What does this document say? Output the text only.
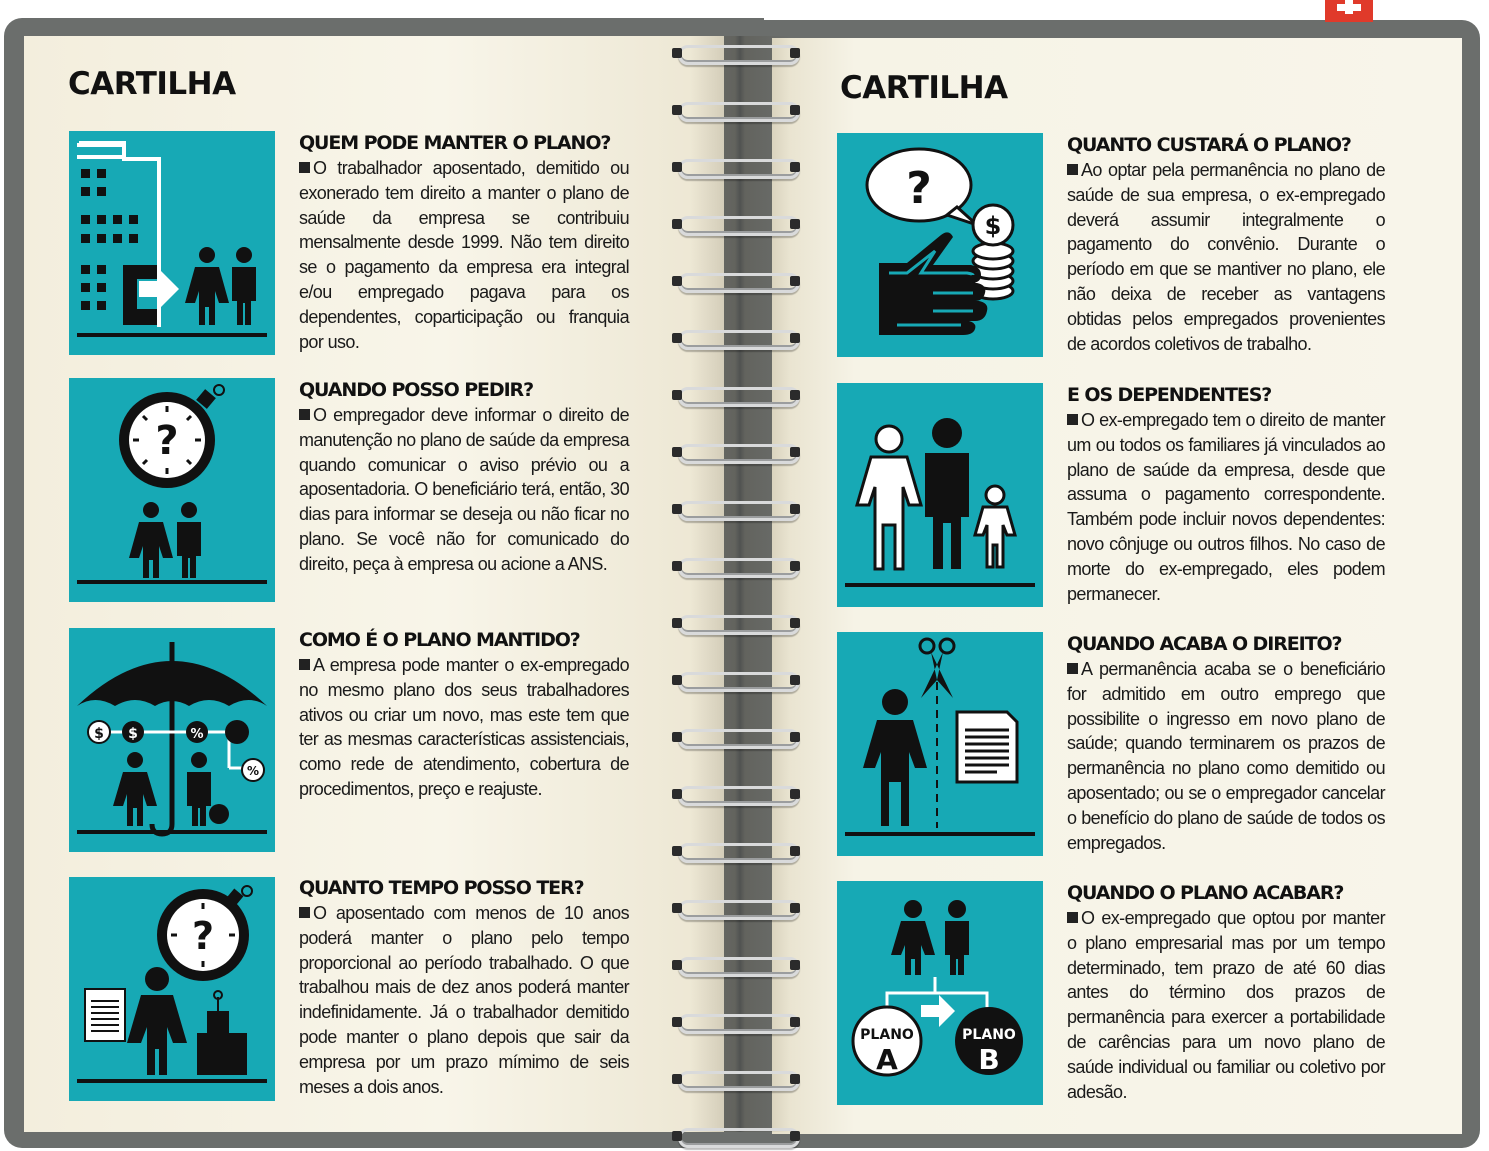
CARTILHA
QUEM PODE MANTER O PLANO?

O trabalhador aposentado, demitido ou exonerado tem direito a manter o plano de saúde da empresa se contribuiu mensalmente desde 1999. Não tem direito se o pagamento da empresa era integral e/ou empregado pagava para os dependentes, coparticipação ou franquia por uso.

?
QUANDO POSSO PEDIR?

O empregador deve informar o direito de manutenção no plano de saúde da empresa quando comunicar o aviso prévio ou a aposentadoria. O beneficiário terá, então, 30 dias para informar se deseja ou não ficar no plano. Se você não for comunicado do direito, peça à empresa ou acione a ANS.

$ $	%
%
COMO É O PLANO MANTIDO?

A empresa pode manter o ex-empregado no mesmo plano dos seus trabalhadores ativos ou criar um novo, mas este tem que ter as mesmas características assistenciais, como rede de atendimento, cobertura de procedimentos, preço e reajuste.

?
QUANTO TEMPO POSSO TER?

O aposentado com menos de 10 anos poderá manter o plano pelo tempo proporcional ao período trabalhado. O que trabalhou mais de dez anos poderá manter indefinidamente. Já o trabalhador demitido pode manter o plano depois que sair da empresa por um prazo mímimo de seis meses a dois anos.

CARTILHA
?
$
QUANTO CUSTARÁ O PLANO?

Ao optar pela permanência no plano de saúde de sua empresa, o ex-empregado deverá assumir integralmente o pagamento do convênio. Durante o período em que se mantiver no plano, ele não deixa de receber as vantagens obtidas pelos empregados provenientes de acordos coletivos de trabalho.

E OS DEPENDENTES?

O ex-empregado tem o direito de manter um ou todos os familiares já vinculados ao plano de saúde da empresa, desde que assuma o pagamento correspondente. Também pode incluir novos dependentes: novo cônjuge ou outros filhos. No caso de morte do ex-empregado, eles podem permanecer.

QUANDO ACABA O DIREITO?

A permanência acaba se o beneficiário for admitido em outro emprego que possibilite o ingresso em novo plano de saúde; quando terminarem os prazos de permanência no plano como demitido ou aposentado; ou se o empregador cancelar o benefício do plano de saúde de todos os empregados.

PLANO
A
PLANO
B
QUANDO O PLANO ACABAR?

O ex-empregado que optou por manter o plano empresarial mas por um tempo determinado, tem prazo de até 60 dias antes do término dos prazos de permanência para exercer a portabilidade de carências para um novo plano de saúde individual ou familiar ou coletivo por adesão.
